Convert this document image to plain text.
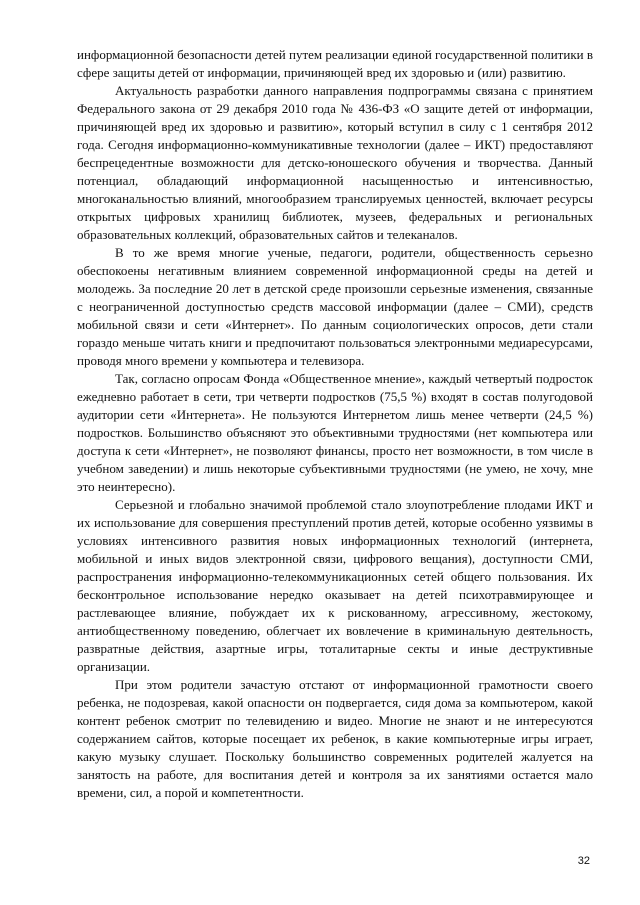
информационной безопасности детей путем реализации единой государственной политики в сфере защиты детей от информации, причиняющей вред их здоровью и (или) развитию.

Актуальность разработки данного направления подпрограммы связана с принятием Федерального закона от 29 декабря 2010 года № 436-ФЗ «О защите детей от информации, причиняющей вред их здоровью и развитию», который вступил в силу с 1 сентября 2012 года. Сегодня информационно-коммуникативные технологии (далее – ИКТ) предоставляют беспрецедентные возможности для детско-юношеского обучения и творчества. Данный потенциал, обладающий информационной насыщенностью и интенсивностью, многоканальностью влияний, многообразием транслируемых ценностей, включает ресурсы открытых цифровых хранилищ библиотек, музеев, федеральных и региональных образовательных коллекций, образовательных сайтов и телеканалов.

В то же время многие ученые, педагоги, родители, общественность серьезно обеспокоены негативным влиянием современной информационной среды на детей и молодежь. За последние 20 лет в детской среде произошли серьезные изменения, связанные с неограниченной доступностью средств массовой информации (далее – СМИ), средств мобильной связи и сети «Интернет». По данным социологических опросов, дети стали гораздо меньше читать книги и предпочитают пользоваться электронными медиаресурсами, проводя много времени у компьютера и телевизора.

Так, согласно опросам Фонда «Общественное мнение», каждый четвертый подросток ежедневно работает в сети, три четверти подростков (75,5 %) входят в состав полугодовой аудитории сети «Интернета». Не пользуются Интернетом лишь менее четверти (24,5 %) подростков. Большинство объясняют это объективными трудностями (нет компьютера или доступа к сети «Интернет», не позволяют финансы, просто нет возможности, в том числе в учебном заведении) и лишь некоторые субъективными трудностями (не умею, не хочу, мне это неинтересно).

Серьезной и глобально значимой проблемой стало злоупотребление плодами ИКТ и их использование для совершения преступлений против детей, которые особенно уязвимы в условиях интенсивного развития новых информационных технологий (интернета, мобильной и иных видов электронной связи, цифрового вещания), доступности СМИ, распространения информационно-телекоммуникационных сетей общего пользования. Их бесконтрольное использование нередко оказывает на детей психотравмирующее и растлевающее влияние, побуждает их к рискованному, агрессивному, жестокому, антиобщественному поведению, облегчает их вовлечение в криминальную деятельность, развратные действия, азартные игры, тоталитарные секты и иные деструктивные организации.

При этом родители зачастую отстают от информационной грамотности своего ребенка, не подозревая, какой опасности он подвергается, сидя дома за компьютером, какой контент ребенок смотрит по телевидению и видео. Многие не знают и не интересуются содержанием сайтов, которые посещает их ребенок, в какие компьютерные игры играет, какую музыку слушает. Поскольку большинство современных родителей жалуется на занятость на работе, для воспитания детей и контроля за их занятиями остается мало времени, сил, а порой и компетентности.

32
